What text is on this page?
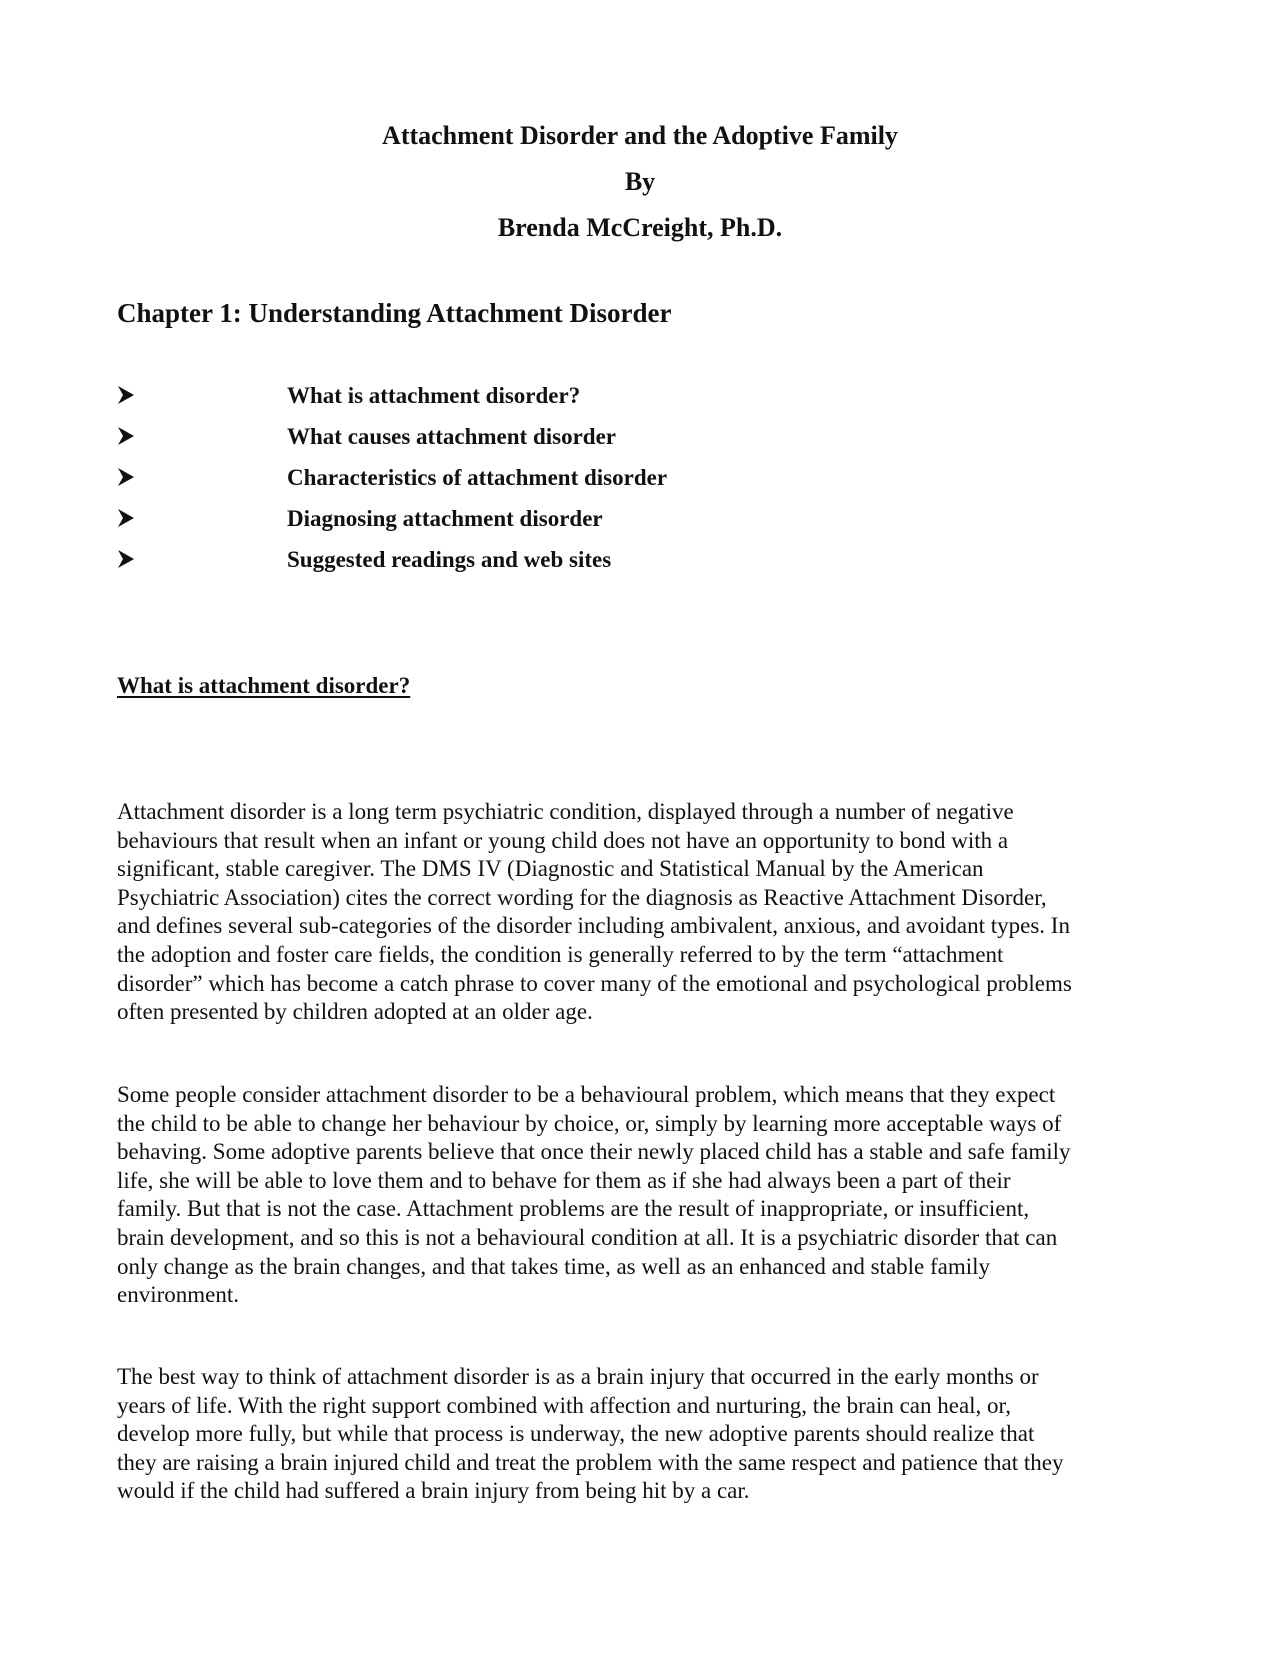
Attachment Disorder and the Adoptive Family
By
Brenda McCreight, Ph.D.
Chapter 1: Understanding Attachment Disorder
What is attachment disorder?
What causes attachment disorder
Characteristics of attachment disorder
Diagnosing attachment disorder
Suggested readings and web sites
What is attachment disorder?

Attachment disorder is a long term psychiatric condition, displayed through a number of negative
behaviours that result when an infant or young child does not have an opportunity to bond with a
significant, stable caregiver. The DMS IV (Diagnostic and Statistical Manual by the American
Psychiatric Association) cites the correct wording for the diagnosis as Reactive Attachment Disorder,
and defines several sub-categories of the disorder including ambivalent, anxious, and avoidant types. In
the adoption and foster care fields, the condition is generally referred to by the term “attachment
disorder” which has become a catch phrase to cover many of the emotional and psychological problems
often presented by children adopted at an older age.

Some people consider attachment disorder to be a behavioural problem, which means that they expect
the child to be able to change her behaviour by choice, or, simply by learning more acceptable ways of
behaving. Some adoptive parents believe that once their newly placed child has a stable and safe family
life, she will be able to love them and to behave for them as if she had always been a part of their
family. But that is not the case. Attachment problems are the result of inappropriate, or insufficient,
brain development, and so this is not a behavioural condition at all. It is a psychiatric disorder that can
only change as the brain changes, and that takes time, as well as an enhanced and stable family
environment.

The best way to think of attachment disorder is as a brain injury that occurred in the early months or
years of life. With the right support combined with affection and nurturing, the brain can heal, or,
develop more fully, but while that process is underway, the new adoptive parents should realize that
they are raising a brain injured child and treat the problem with the same respect and patience that they
would if the child had suffered a brain injury from being hit by a car.
